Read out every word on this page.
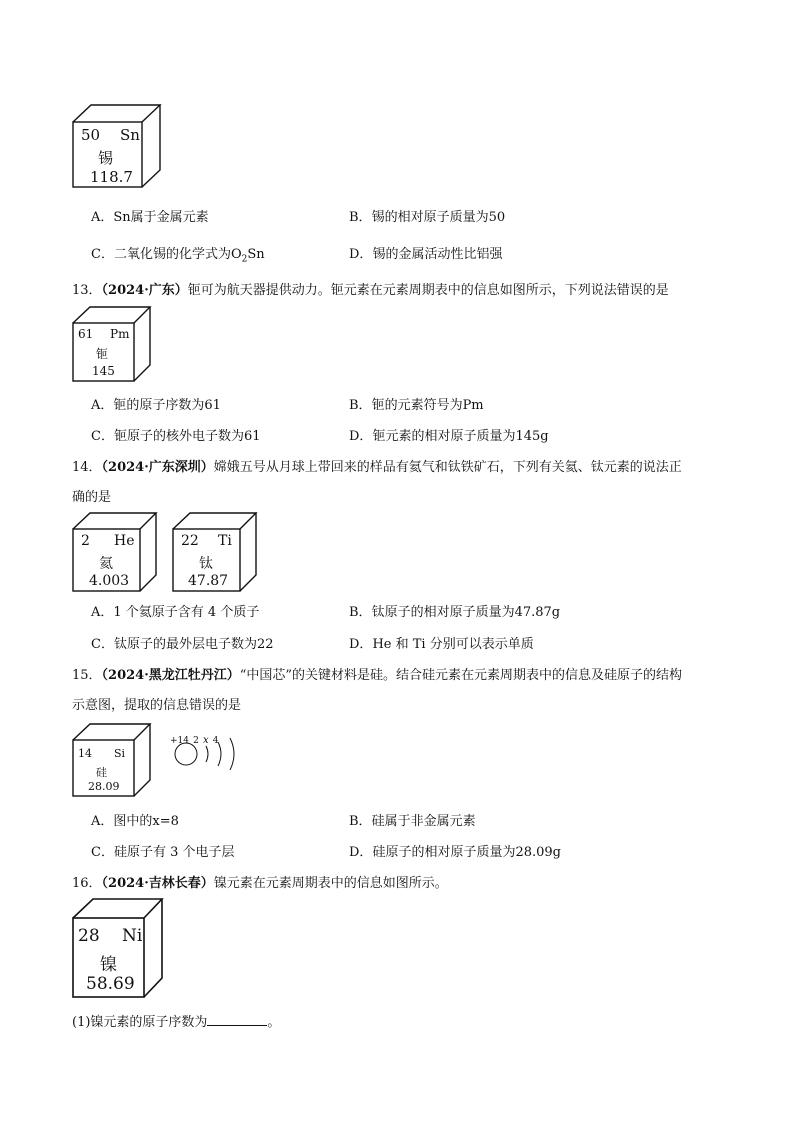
50 Sn
锡
118.7
A．Sn属于金属元素	B．锡的相对原子质量为50
C．二氧化锡的化学式为$O_2Sn$	D．锡的金属活动性比铝强
13．（2024·广东）钷可为航天器提供动力。钷元素在元素周期表中的信息如图所示，下列说法错误的是
61 Pm
钷
145
A．钷的原子序数为61	B．钷的元素符号为Pm
C．钷原子的核外电子数为61	D．钷元素的相对原子质量为145g
14．（2024·广东深圳）嫦娥五号从月球上带回来的样品有氦气和钛铁矿石，下列有关氦、钛元素的说法正
确的是
2 He
氦
4.003
22 Ti
钛
47.87
A．1 个氦原子含有 4 个质子	B．钛原子的相对原子质量为47.87g
C．钛原子的最外层电子数为22	D．He 和 Ti 分别可以表示单质
15．（2024·黑龙江牡丹江）“中国芯”的关键材料是硅。结合硅元素在元素周期表中的信息及硅原子的结构
示意图，提取的信息错误的是
14 Si
硅
28.09
+14 2 x 4
A．图中的x=8	B．硅属于非金属元素
C．硅原子有 3 个电子层	D．硅原子的相对原子质量为28.09g
16．（2024·吉林长春）镍元素在元素周期表中的信息如图所示。
28 Ni
镍
58.69
(1)镍元素的原子序数为	。
